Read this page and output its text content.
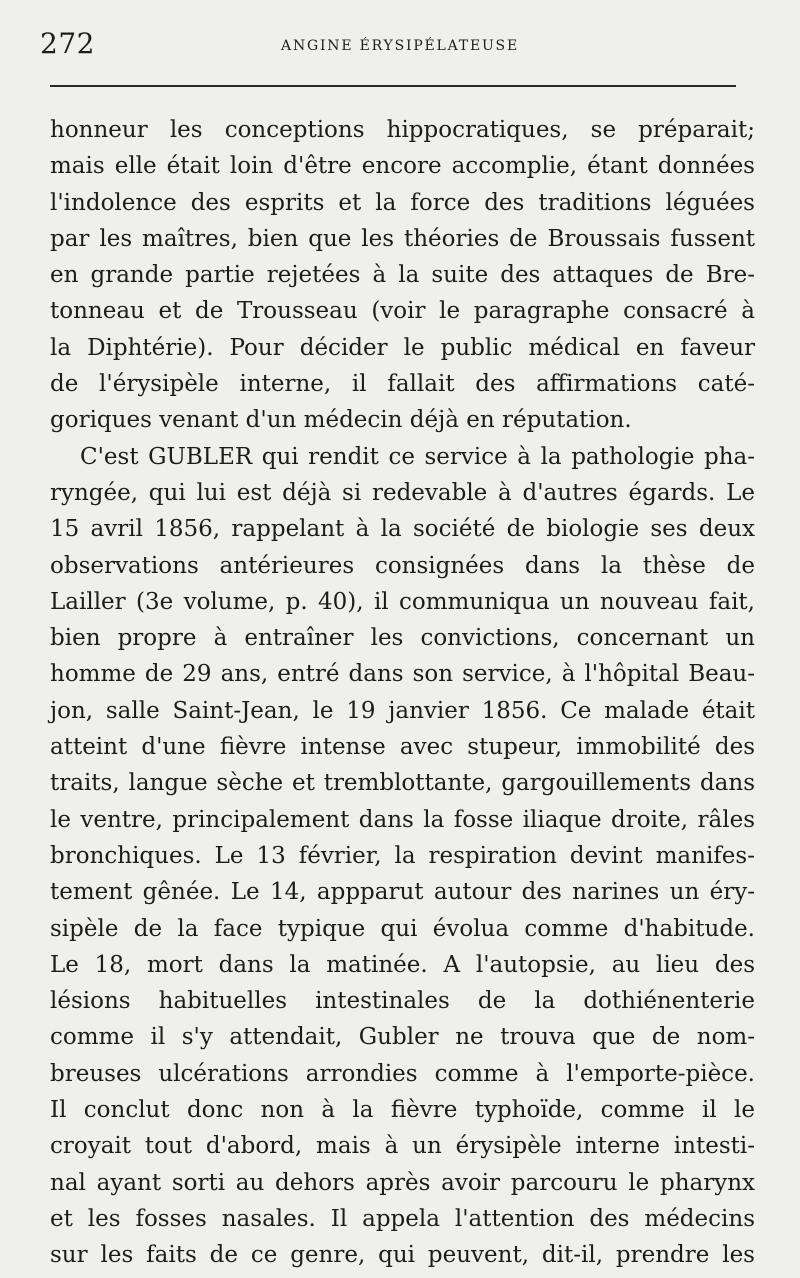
272	ANGINE ÉRYSIPÉLATEUSE
honneur les conceptions hippocratiques, se préparait;
mais elle était loin d'être encore accomplie, étant données
l'indolence des esprits et la force des traditions léguées
par les maîtres, bien que les théories de Broussais fussent
en grande partie rejetées à la suite des attaques de Bre-
tonneau et de Trousseau (voir le paragraphe consacré à
la Diphtérie). Pour décider le public médical en faveur
de l'érysipèle interne, il fallait des affirmations caté-
goriques venant d'un médecin déjà en réputation.
C'est GUBLER qui rendit ce service à la pathologie pha-
ryngée, qui lui est déjà si redevable à d'autres égards. Le
15 avril 1856, rappelant à la société de biologie ses deux
observations antérieures consignées dans la thèse de
Lailler (3e volume, p. 40), il communiqua un nouveau fait,
bien propre à entraîner les convictions, concernant un
homme de 29 ans, entré dans son service, à l'hôpital Beau-
jon, salle Saint-Jean, le 19 janvier 1856. Ce malade était
atteint d'une fièvre intense avec stupeur, immobilité des
traits, langue sèche et tremblottante, gargouillements dans
le ventre, principalement dans la fosse iliaque droite, râles
bronchiques. Le 13 février, la respiration devint manifes-
tement gênée. Le 14, appparut autour des narines un éry-
sipèle de la face typique qui évolua comme d'habitude.
Le 18, mort dans la matinée. A l'autopsie, au lieu des
lésions habituelles intestinales de la dothiénenterie
comme il s'y attendait, Gubler ne trouva que de nom-
breuses ulcérations arrondies comme à l'emporte-pièce.
Il conclut donc non à la fièvre typhoïde, comme il le
croyait tout d'abord, mais à un érysipèle interne intesti-
nal ayant sorti au dehors après avoir parcouru le pharynx
et les fosses nasales. Il appela l'attention des médecins
sur les faits de ce genre, qui peuvent, dit-il, prendre les
